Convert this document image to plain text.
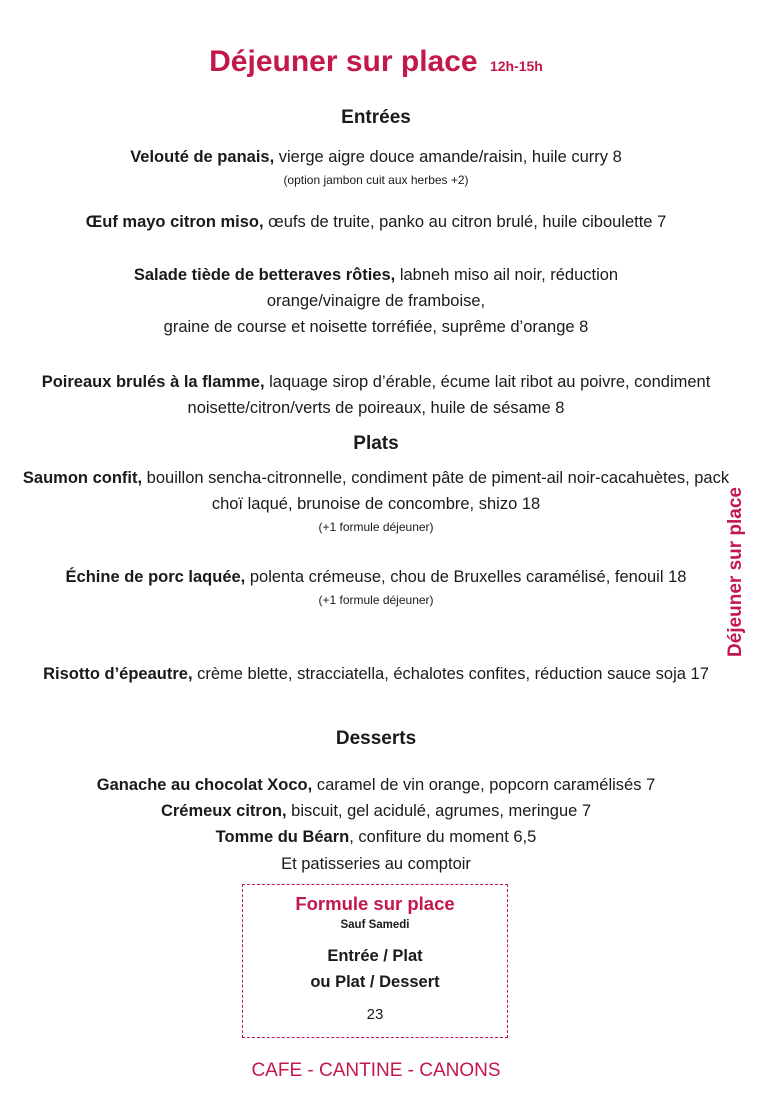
Déjeuner sur place 12h-15h
Déjeuner sur place
Entrées
Velouté de panais, vierge aigre douce amande/raisin, huile curry 8
(option jambon cuit aux herbes +2)
Œuf mayo citron miso, œufs de truite, panko au citron brulé, huile ciboulette 7
Salade tiède de betteraves rôties, labneh miso ail noir, réduction orange/vinaigre de framboise,
graine de course et noisette torréfiée, suprême d’orange 8
Poireaux brulés à la flamme, laquage sirop d’érable, écume lait ribot au poivre, condiment noisette/citron/verts de poireaux, huile de sésame 8
Plats
Saumon confit, bouillon sencha-citronnelle, condiment pâte de piment-ail noir-cacahuètes, pack choï laqué, brunoise de concombre, shizo 18
(+1 formule déjeuner)
Échine de porc laquée, polenta crémeuse, chou de Bruxelles caramélisé, fenouil 18
(+1 formule déjeuner)
Risotto d’épeautre, crème blette, stracciatella, échalotes confites, réduction sauce soja 17
Desserts
Ganache au chocolat Xoco, caramel de vin orange, popcorn caramélisés 7
Crémeux citron, biscuit, gel acidulé, agrumes, meringue 7
Tomme du Béarn, confiture du moment 6,5
Et patisseries au comptoir
Formule sur place
Sauf Samedi
Entrée / Plat
ou Plat / Dessert
23
CAFE - CANTINE - CANONS
